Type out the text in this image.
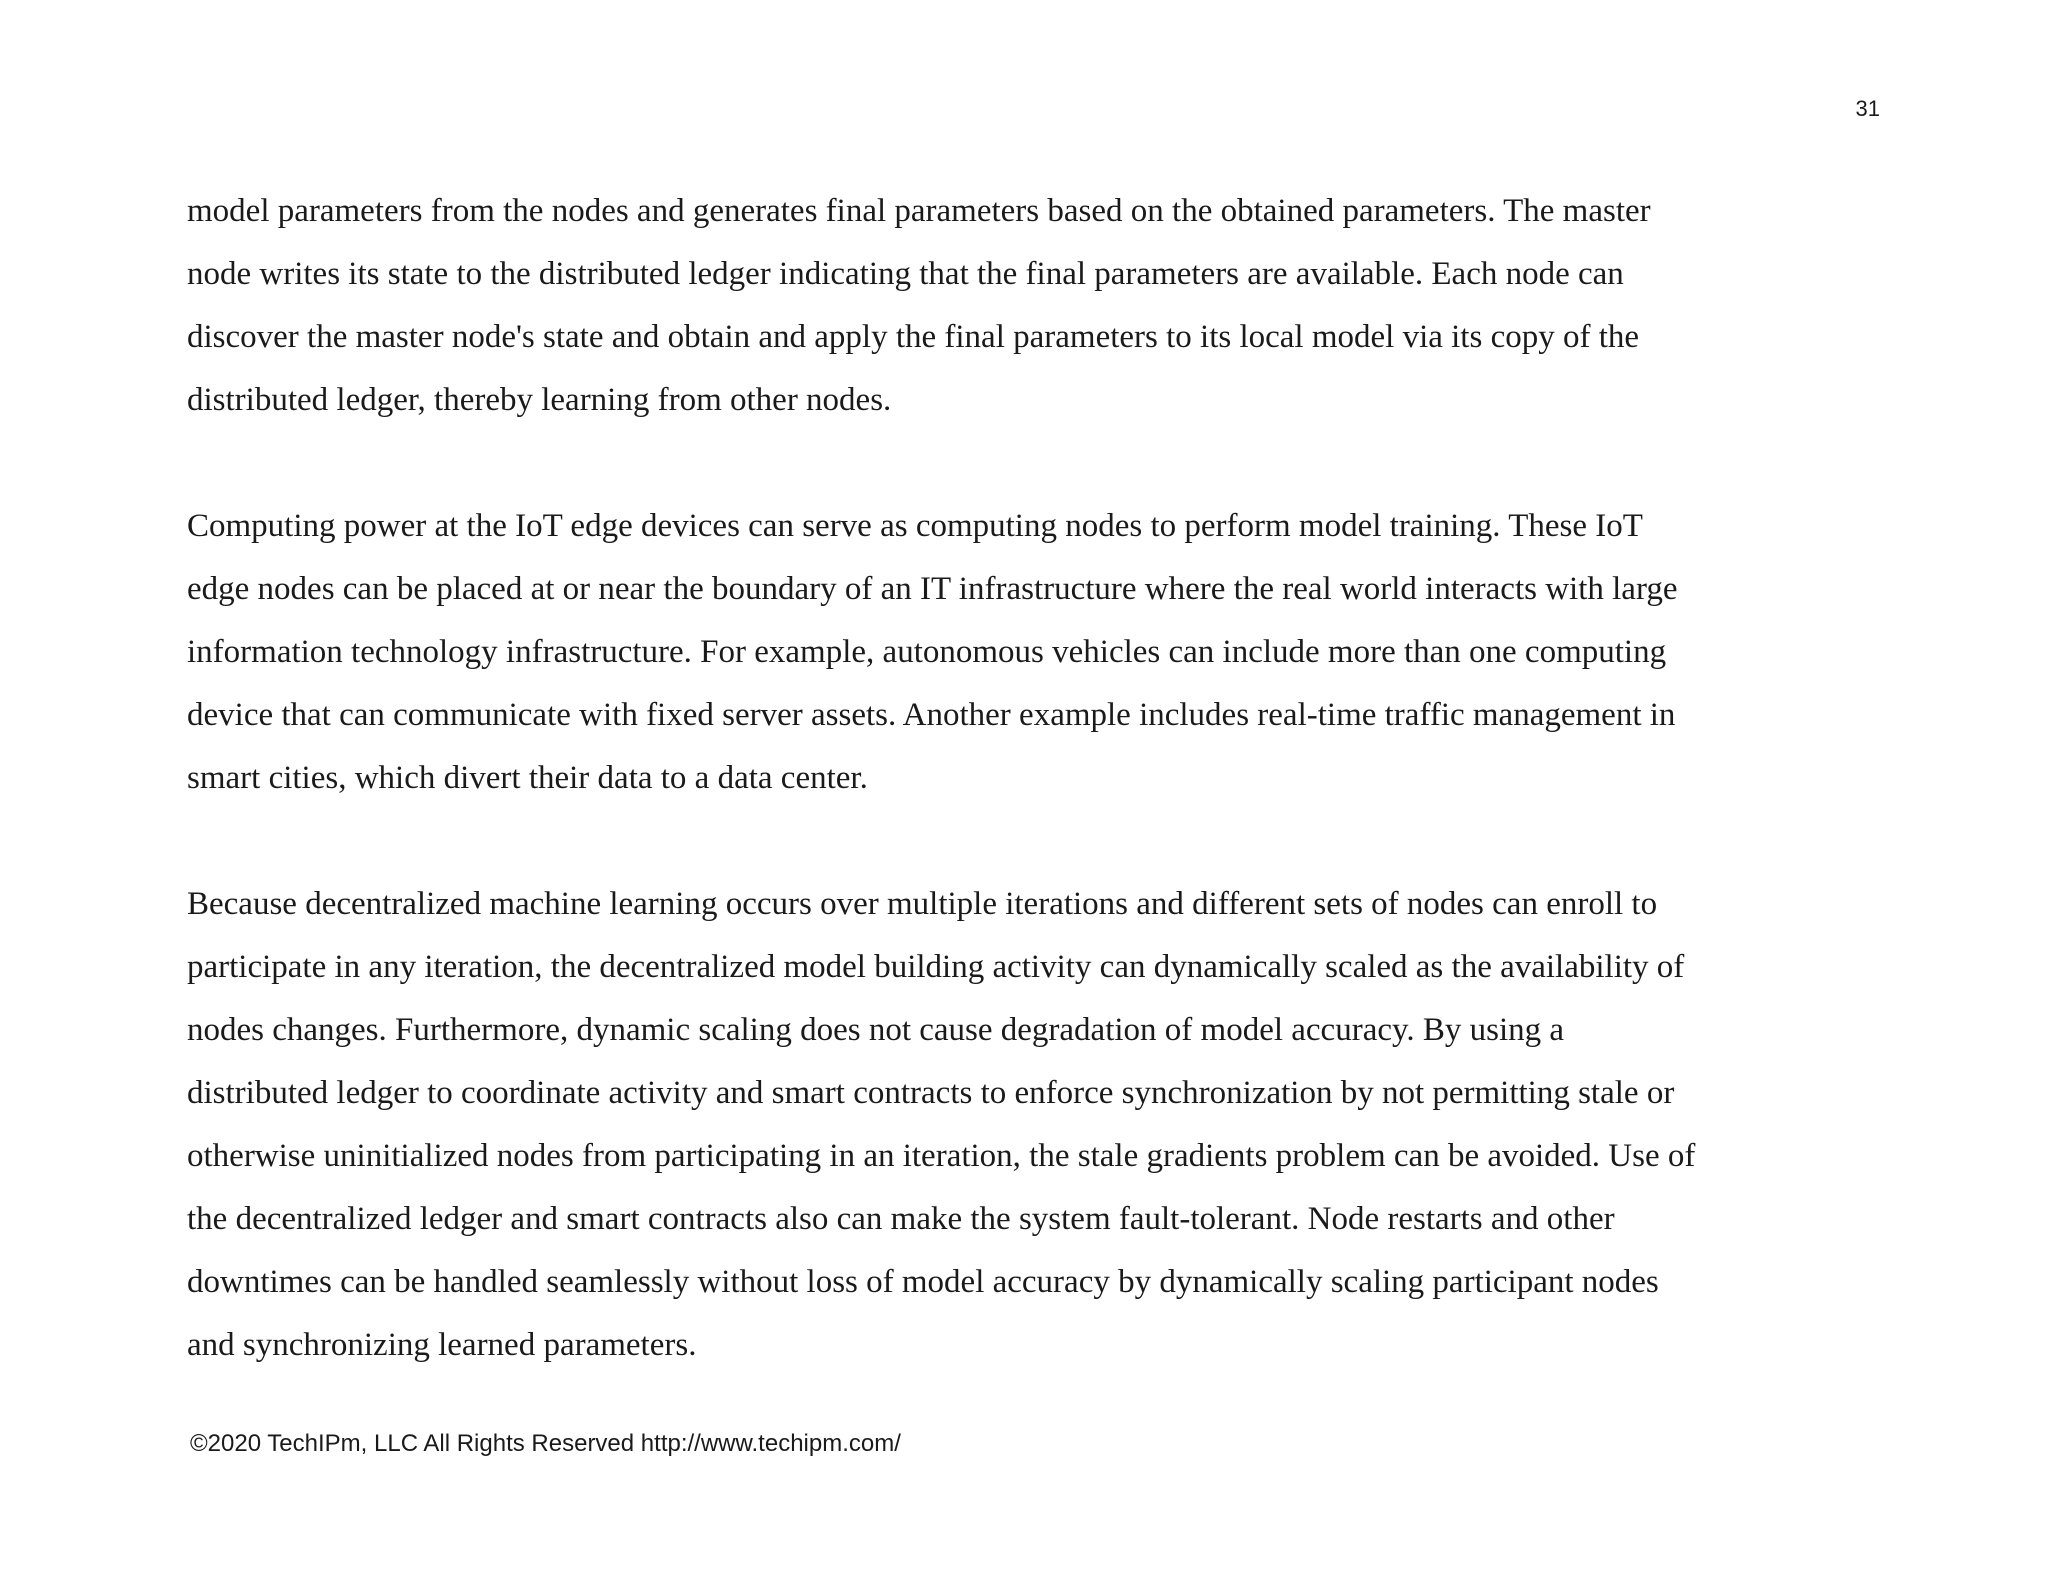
31

model parameters from the nodes and generates final parameters based on the obtained parameters. The master
node writes its state to the distributed ledger indicating that the final parameters are available. Each node can
discover the master node's state and obtain and apply the final parameters to its local model via its copy of the
distributed ledger, thereby learning from other nodes.

Computing power at the IoT edge devices can serve as computing nodes to perform model training. These IoT
edge nodes can be placed at or near the boundary of an IT infrastructure where the real world interacts with large
information technology infrastructure. For example, autonomous vehicles can include more than one computing
device that can communicate with fixed server assets. Another example includes real-time traffic management in
smart cities, which divert their data to a data center.

Because decentralized machine learning occurs over multiple iterations and different sets of nodes can enroll to
participate in any iteration, the decentralized model building activity can dynamically scaled as the availability of
nodes changes. Furthermore, dynamic scaling does not cause degradation of model accuracy. By using a
distributed ledger to coordinate activity and smart contracts to enforce synchronization by not permitting stale or
otherwise uninitialized nodes from participating in an iteration, the stale gradients problem can be avoided. Use of
the decentralized ledger and smart contracts also can make the system fault-tolerant. Node restarts and other
downtimes can be handled seamlessly without loss of model accuracy by dynamically scaling participant nodes
and synchronizing learned parameters.

©2020 TechIPm, LLC All Rights Reserved http://www.techipm.com/
